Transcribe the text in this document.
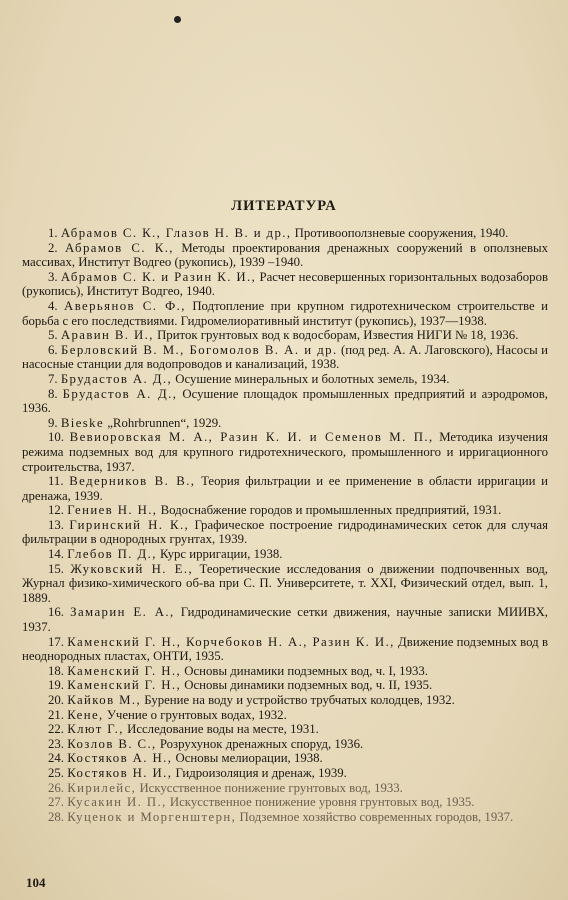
ЛИТЕРАТУРА

1. Абрамов С. К., Глазов Н. В. и др., Противооползневые сооружения, 1940.

2. Абрамов С. К., Методы проектирования дренажных сооружений в оползневых массивах, Институт Водгео (рукопись), 1939 –1940.

3. Абрамов С. К. и Разин К. И., Расчет несовершенных горизонтальных водозаборов (рукопись), Институт Водгео, 1940.

4. Аверьянов С. Ф., Подтопление при крупном гидротехническом строительстве и борьба с его последствиями. Гидромелиоративный институт (рукопись), 1937—1938.

5. Аравин В. И., Приток грунтовых вод к водосборам, Известия НИГИ № 18, 1936.

6. Берловский В. М., Богомолов В. А. и др. (под ред. А. А. Лаговского), Насосы и насосные станции для водопроводов и канализаций, 1938.

7. Брудастов А. Д., Осушение минеральных и болотных земель, 1934.

8. Брудастов А. Д., Осушение площадок промышленных предприятий и аэродромов, 1936.

9. Bieske „Rohrbrunnen“, 1929.

10. Вевиоровская М. А., Разин К. И. и Семенов М. П., Методика изучения режима подземных вод для крупного гидротехнического, промышленного и ирригационного строительства, 1937.

11. Ведерников В. В., Теория фильтрации и ее применение в области ирригации и дренажа, 1939.

12. Гениев Н. Н., Водоснабжение городов и промышленных предприятий, 1931.

13. Гиринский Н. К., Графическое построение гидродинамических сеток для случая фильтрации в однородных грунтах, 1939.

14. Глебов П. Д., Курс ирригации, 1938.

15. Жуковский Н. Е., Теоретические исследования о движении подпочвенных вод, Журнал физико-химического об-ва при С. П. Университете, т. XXI, Физический отдел, вып. 1, 1889.

16. Замарин Е. А., Гидродинамические сетки движения, научные записки МИИВХ, 1937.

17. Каменский Г. Н., Корчебоков Н. А., Разин К. И., Движение подземных вод в неоднородных пластах, ОНТИ, 1935.

18. Каменский Г. Н., Основы динамики подземных вод, ч. I, 1933.

19. Каменский Г. Н., Основы динамики подземных вод, ч. II, 1935.

20. Кайков М., Бурение на воду и устройство трубчатых колодцев, 1932.

21. Кене, Учение о грунтовых водах, 1932.

22. Клют Г., Исследование воды на месте, 1931.

23. Козлов В. С., Розрухунок дренажных споруд, 1936.

24. Костяков А. Н., Основы мелиорации, 1938.

25. Костяков Н. И., Гидроизоляция и дренаж, 1939.

26. Кирилейс, Искусственное понижение грунтовых вод, 1933.

27. Кусакин И. П., Искусственное понижение уровня грунтовых вод, 1935.

28. Куценок и Моргенштерн, Подземное хозяйство современных городов, 1937.

104
